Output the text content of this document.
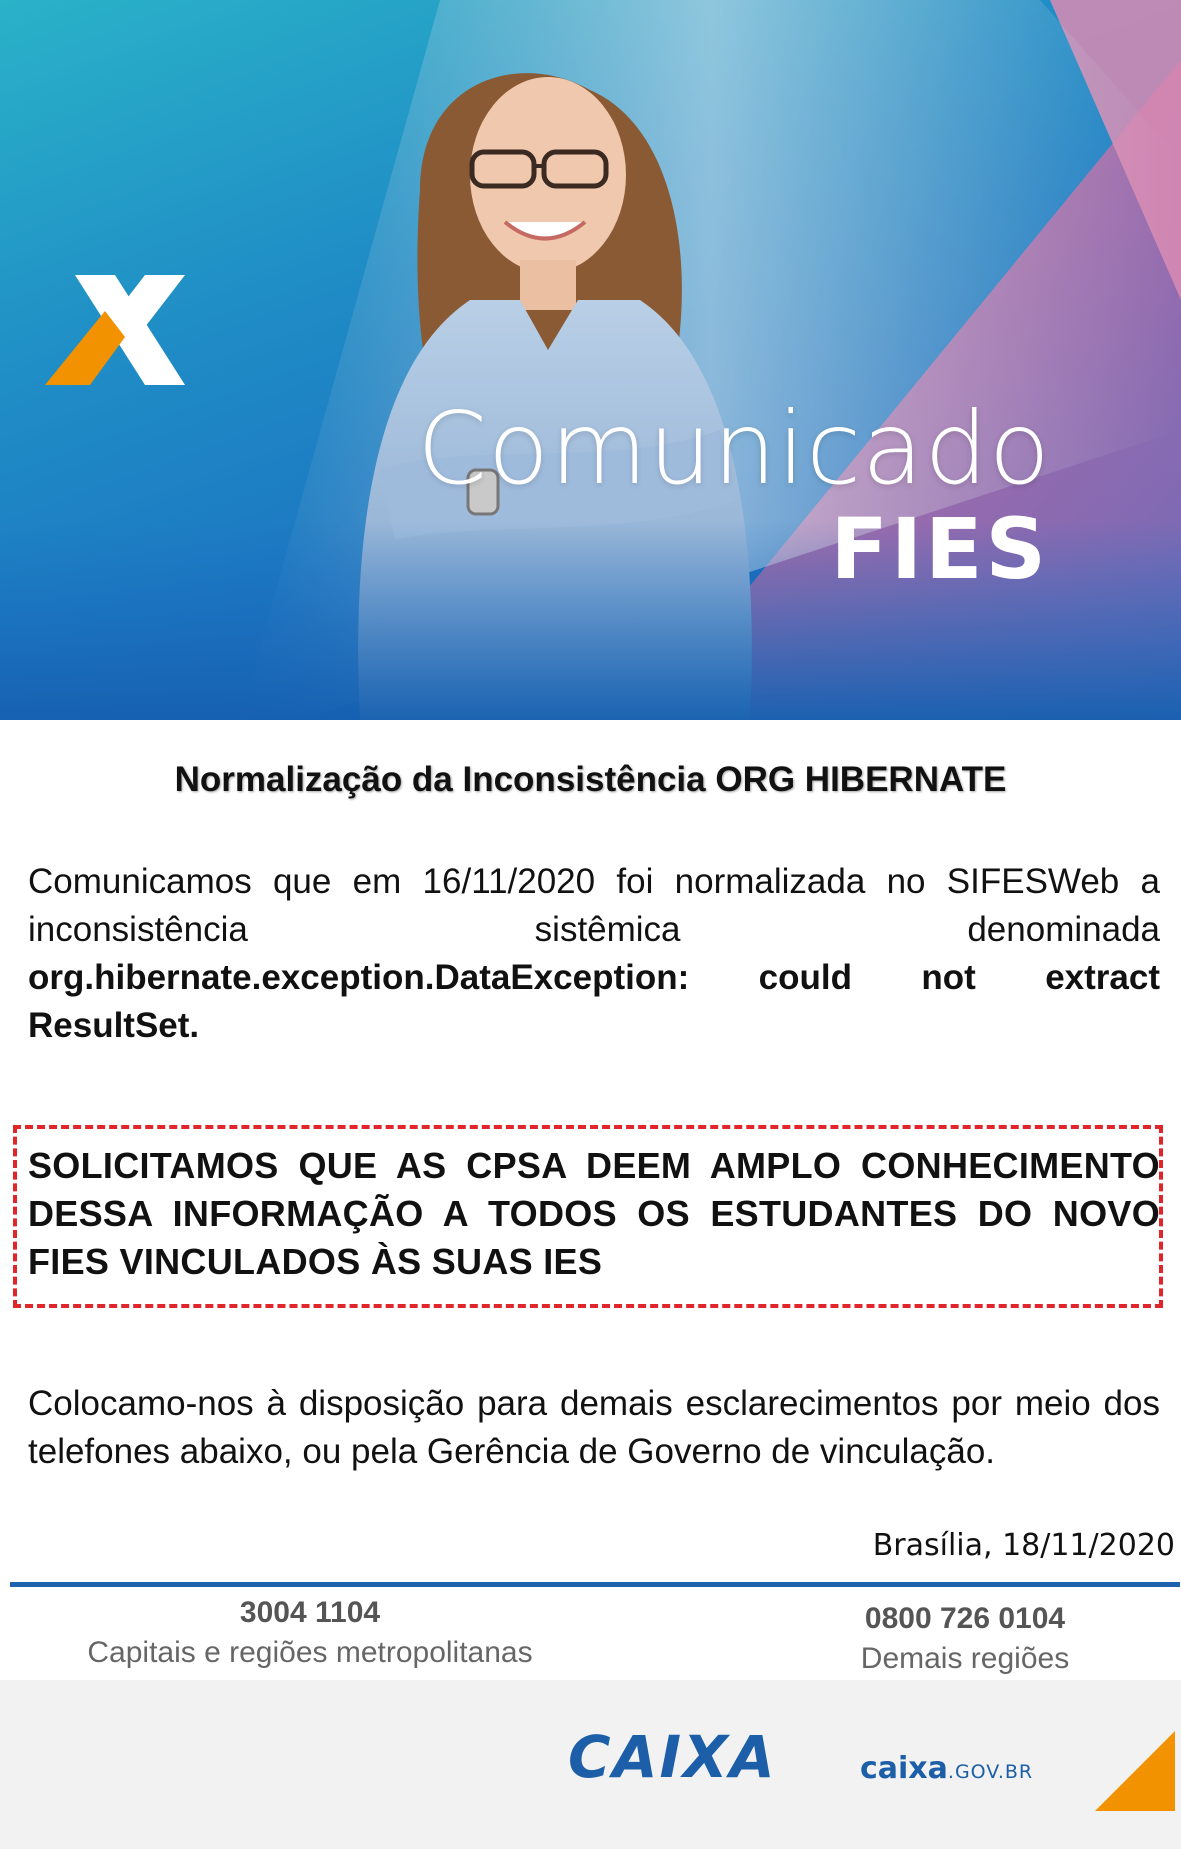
Comunicado
FIES
Normalização da Inconsistência ORG HIBERNATE
Comunicamos que em 16/11/2020 foi normalizada no SIFESWeb a inconsistência sistêmica denominada org.hibernate.exception.DataException: could not extract ResultSet.
SOLICITAMOS QUE AS CPSA DEEM AMPLO CONHECIMENTO DESSA INFORMAÇÃO A TODOS OS ESTUDANTES DO NOVO FIES VINCULADOS ÀS SUAS IES
Colocamo-nos à disposição para demais esclarecimentos por meio dos telefones abaixo, ou pela Gerência de Governo de vinculação.
Brasília, 18/11/2020
3004 1104
Capitais e regiões metropolitanas
0800 726 0104
Demais regiões
CAIXA	caixa.GOV.BR
